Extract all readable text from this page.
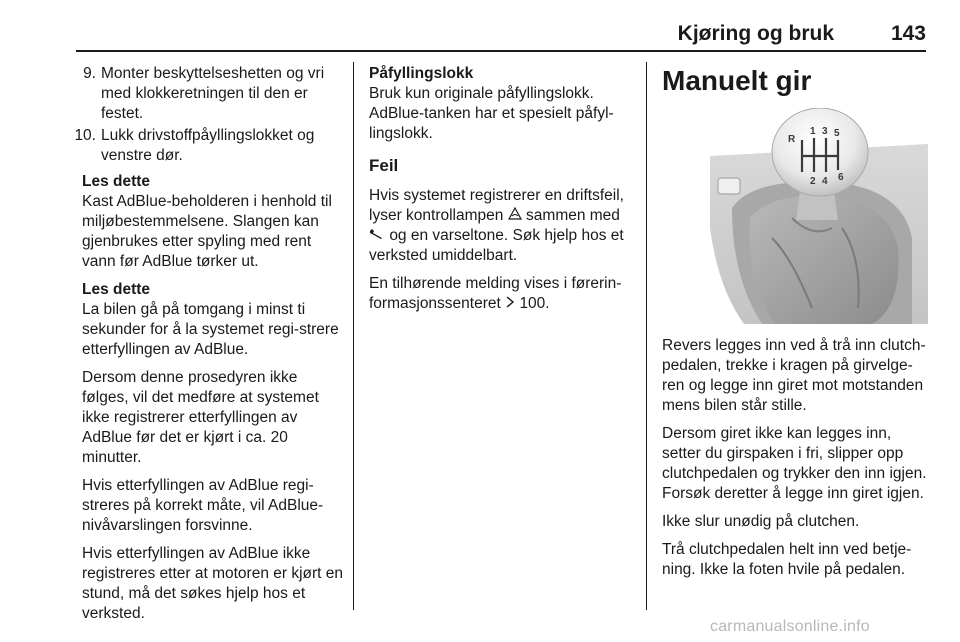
Kjøring og bruk	143
9. Monter beskyttelseshetten og vri med klokkeretningen til den er festet.
10. Lukk drivstoffpåyllingslokket og venstre dør.
Les dette

Kast AdBlue-beholderen i henhold til miljøbestemmelsene. Slangen kan gjenbrukes etter spyling med rent vann før AdBlue tørker ut.

Les dette

La bilen gå på tomgang i minst ti sekunder for å la systemet regi-strere etterfyllingen av AdBlue.

Dersom denne prosedyren ikke følges, vil det medføre at systemet ikke registrerer etterfyllingen av AdBlue før det er kjørt i ca. 20 minutter.

Hvis etterfyllingen av AdBlue regi-streres på korrekt måte, vil AdBlue-nivåvarslingen forsvinne.

Hvis etterfyllingen av AdBlue ikke registreres etter at motoren er kjørt en stund, må det søkes hjelp hos et verksted.

Påfyllingslokk
Bruk kun originale påfyllingslokk.
AdBlue-tanken har et spesielt påfyl-lingslokk.
Feil

Hvis systemet registrerer en driftsfeil, lyser kontrollampen sammen med  og en varseltone. Søk hjelp hos et verksted umiddelbart.

En tilhørende melding vises i førerin-formasjonssenteret 100.

Manuelt gir
R
1 3 5
2 4 6

Revers legges inn ved å trå inn clutch-pedalen, trekke i kragen på girvelge-ren og legge inn giret mot motstanden mens bilen står stille.

Dersom giret ikke kan legges inn, setter du girspaken i fri, slipper opp clutchpedalen og trykker den inn igjen. Forsøk deretter å legge inn giret igjen.

Ikke slur unødig på clutchen.

Trå clutchpedalen helt inn ved betje-ning. Ikke la foten hvile på pedalen.

carmanualsonline.info
